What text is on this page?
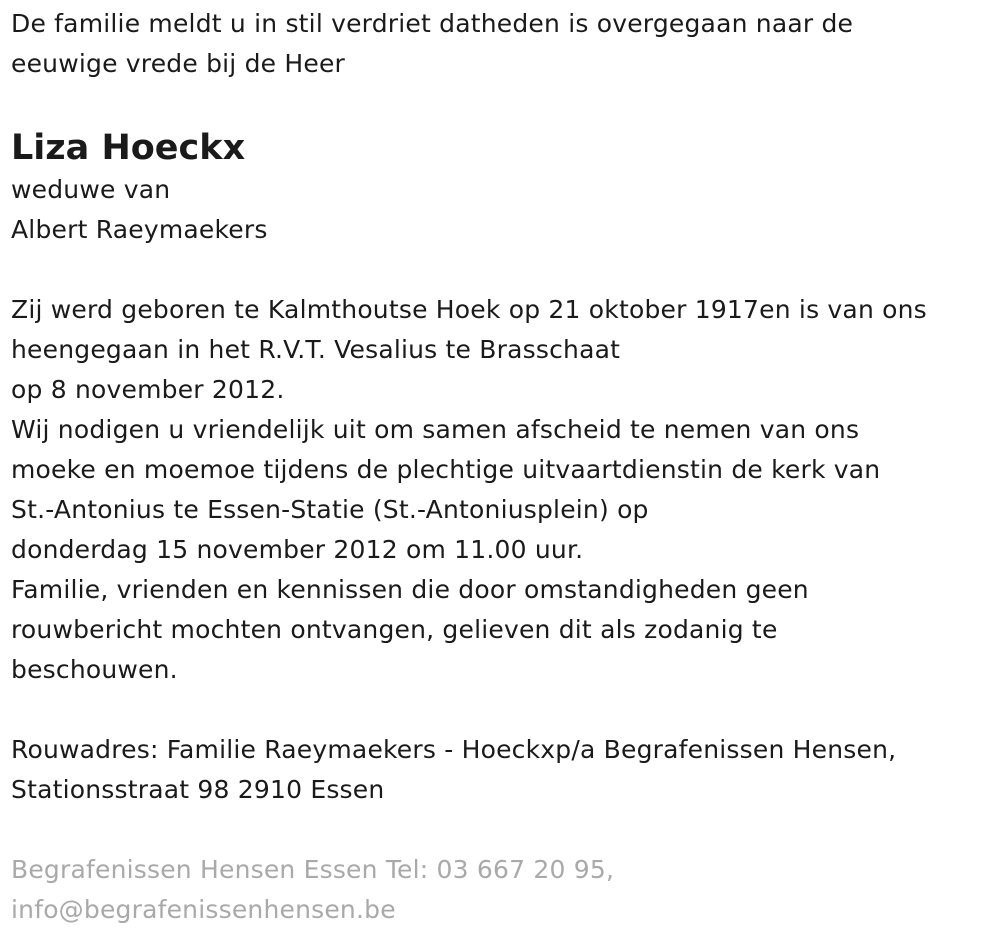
De familie meldt u in stil verdriet datheden is overgegaan naar de
eeuwige vrede bij de Heer
Liza Hoeckx
weduwe van
Albert Raeymaekers
Zij werd geboren te Kalmthoutse Hoek op 21 oktober 1917en is van ons
heengegaan in het R.V.T. Vesalius te Brasschaat
op 8 november 2012.
Wij nodigen u vriendelijk uit om samen afscheid te nemen van ons
moeke en moemoe tijdens de plechtige uitvaartdienstin de kerk van
St.-Antonius te Essen-Statie (St.-Antoniusplein) op
donderdag 15 november 2012 om 11.00 uur.
Familie, vrienden en kennissen die door omstandigheden geen
rouwbericht mochten ontvangen, gelieven dit als zodanig te
beschouwen.
Rouwadres: Familie Raeymaekers - Hoeckxp/a Begrafenissen Hensen,
Stationsstraat 98 2910 Essen
Begrafenissen Hensen Essen Tel: 03 667 20 95,
info@begrafenissenhensen.be
